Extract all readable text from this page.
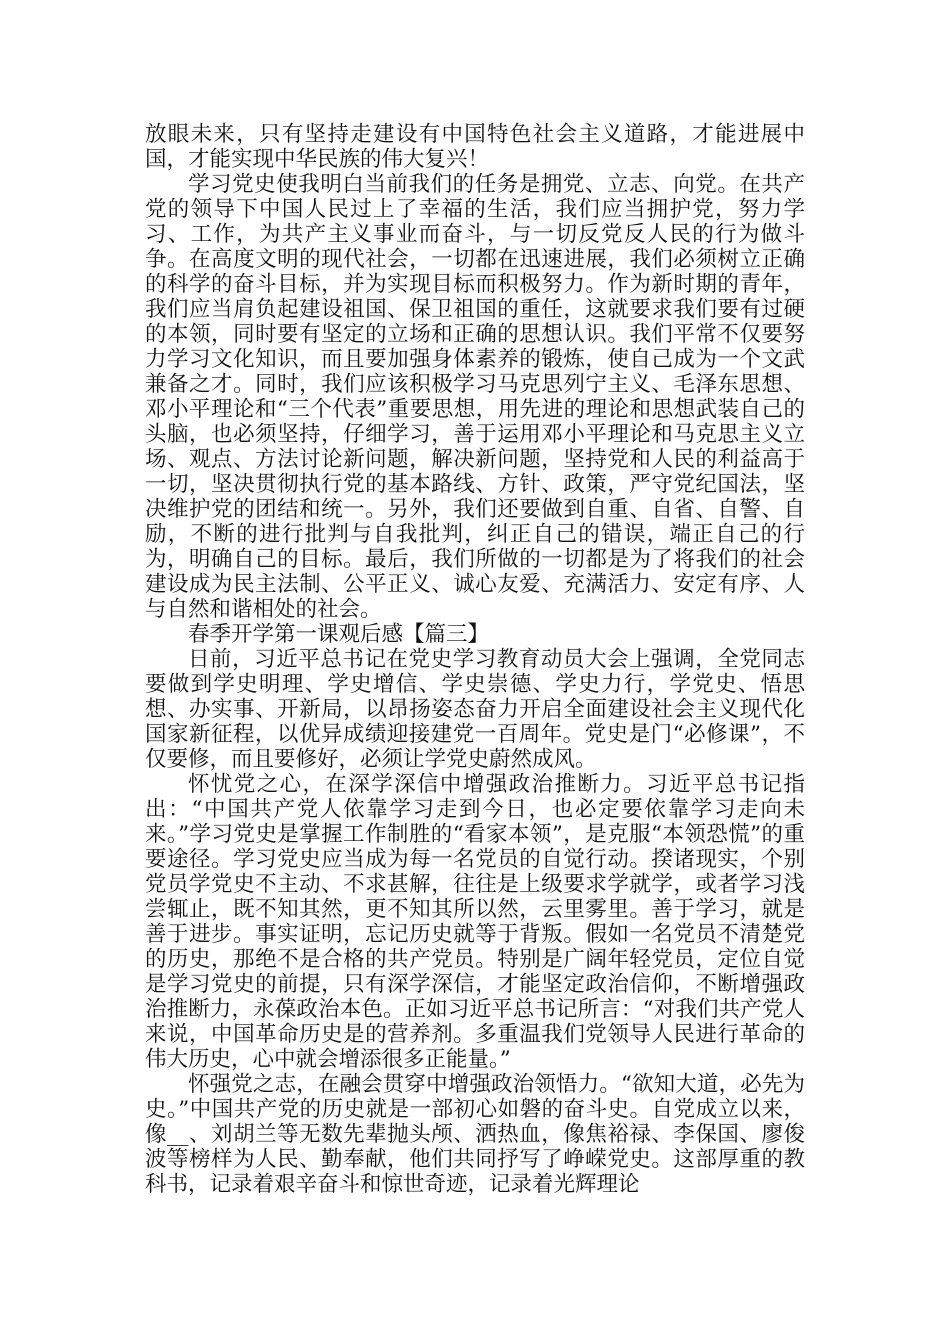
放眼未来，只有坚持走建设有中国特色社会主义道路，才能进展中国，才能实现中华民族的伟大复兴！

学习党史使我明白当前我们的任务是拥党、立志、向党。在共产党的领导下中国人民过上了幸福的生活，我们应当拥护党，努力学习、工作，为共产主义事业而奋斗，与一切反党反人民的行为做斗争。在高度文明的现代社会，一切都在迅速进展，我们必须树立正确的科学的奋斗目标，并为实现目标而积极努力。作为新时期的青年，我们应当肩负起建设祖国、保卫祖国的重任，这就要求我们要有过硬的本领，同时要有坚定的立场和正确的思想认识。我们平常不仅要努力学习文化知识，而且要加强身体素养的锻炼，使自己成为一个文武兼备之才。同时，我们应该积极学习马克思列宁主义、毛泽东思想、邓小平理论和“三个代表”重要思想，用先进的理论和思想武装自己的头脑，也必须坚持，仔细学习，善于运用邓小平理论和马克思主义立场、观点、方法讨论新问题，解决新问题，坚持党和人民的利益高于一切，坚决贯彻执行党的基本路线、方针、政策，严守党纪国法，坚决维护党的团结和统一。另外，我们还要做到自重、自省、自警、自励，不断的进行批判与自我批判，纠正自己的错误，端正自己的行为，明确自己的目标。最后，我们所做的一切都是为了将我们的社会建设成为民主法制、公平正义、诚心友爱、充满活力、安定有序、人与自然和谐相处的社会。

春季开学第一课观后感【篇三】

日前，习近平总书记在党史学习教育动员大会上强调，全党同志要做到学史明理、学史增信、学史崇德、学史力行，学党史、悟思想、办实事、开新局，以昂扬姿态奋力开启全面建设社会主义现代化国家新征程，以优异成绩迎接建党一百周年。党史是门“必修课”，不仅要修，而且要修好，必须让学党史蔚然成风。

怀忧党之心，在深学深信中增强政治推断力。习近平总书记指出：“中国共产党人依靠学习走到今日，也必定要依靠学习走向未来。”学习党史是掌握工作制胜的“看家本领”，是克服“本领恐慌”的重要途径。学习党史应当成为每一名党员的自觉行动。揆诸现实，个别党员学党史不主动、不求甚解，往往是上级要求学就学，或者学习浅尝辄止，既不知其然，更不知其所以然，云里雾里。善于学习，就是善于进步。事实证明，忘记历史就等于背叛。假如一名党员不清楚党的历史，那绝不是合格的共产党员。特别是广阔年轻党员，定位自觉是学习党史的前提，只有深学深信，才能坚定政治信仰，不断增强政治推断力，永葆政治本色。正如习近平总书记所言：“对我们共产党人来说，中国革命历史是的营养剂。多重温我们党领导人民进行革命的伟大历史，心中就会增添很多正能量。”

怀强党之志，在融会贯穿中增强政治领悟力。“欲知大道，必先为史。”中国共产党的历史就是一部初心如磐的奋斗史。自党成立以来，像__、刘胡兰等无数先辈抛头颅、洒热血，像焦裕禄、李保国、廖俊波等榜样为人民、勤奉献，他们共同抒写了峥嵘党史。这部厚重的教科书，记录着艰辛奋斗和惊世奇迹，记录着光辉理论
